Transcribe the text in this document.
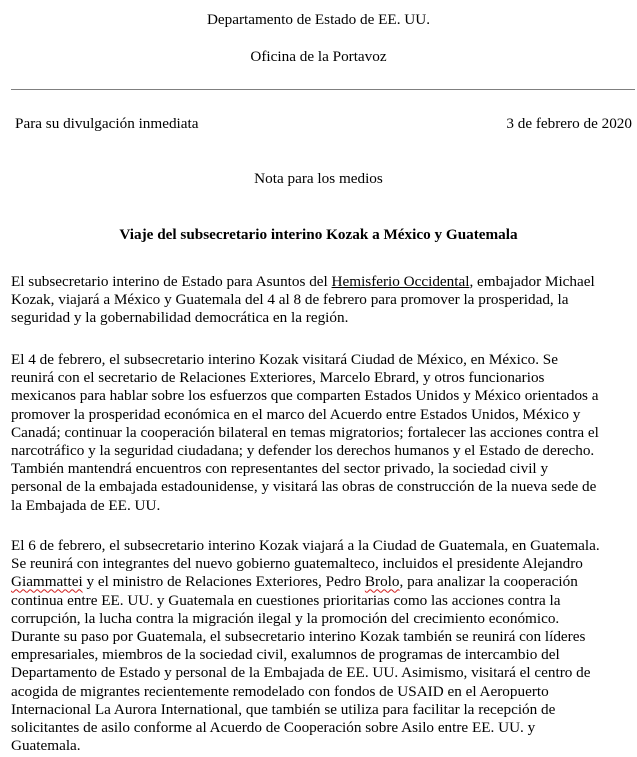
Departamento de Estado de EE. UU.
Oficina de la Portavoz
Para su divulgación inmediata	3 de febrero de 2020
Nota para los medios
Viaje del subsecretario interino Kozak a México y Guatemala
El subsecretario interino de Estado para Asuntos del Hemisferio Occidental, embajador Michael
Kozak, viajará a México y Guatemala del 4 al 8 de febrero para promover la prosperidad, la
seguridad y la gobernabilidad democrática en la región.
El 4 de febrero, el subsecretario interino Kozak visitará Ciudad de México, en México. Se
reunirá con el secretario de Relaciones Exteriores, Marcelo Ebrard, y otros funcionarios
mexicanos para hablar sobre los esfuerzos que comparten Estados Unidos y México orientados a
promover la prosperidad económica en el marco del Acuerdo entre Estados Unidos, México y
Canadá; continuar la cooperación bilateral en temas migratorios; fortalecer las acciones contra el
narcotráfico y la seguridad ciudadana; y defender los derechos humanos y el Estado de derecho.
También mantendrá encuentros con representantes del sector privado, la sociedad civil y
personal de la embajada estadounidense, y visitará las obras de construcción de la nueva sede de
la Embajada de EE. UU.
El 6 de febrero, el subsecretario interino Kozak viajará a la Ciudad de Guatemala, en Guatemala.
Se reunirá con integrantes del nuevo gobierno guatemalteco, incluidos el presidente Alejandro
Giammattei y el ministro de Relaciones Exteriores, Pedro Brolo, para analizar la cooperación
continua entre EE. UU. y Guatemala en cuestiones prioritarias como las acciones contra la
corrupción, la lucha contra la migración ilegal y la promoción del crecimiento económico.
Durante su paso por Guatemala, el subsecretario interino Kozak también se reunirá con líderes
empresariales, miembros de la sociedad civil, exalumnos de programas de intercambio del
Departamento de Estado y personal de la Embajada de EE. UU. Asimismo, visitará el centro de
acogida de migrantes recientemente remodelado con fondos de USAID en el Aeropuerto
Internacional La Aurora International, que también se utiliza para facilitar la recepción de
solicitantes de asilo conforme al Acuerdo de Cooperación sobre Asilo entre EE. UU. y
Guatemala.
